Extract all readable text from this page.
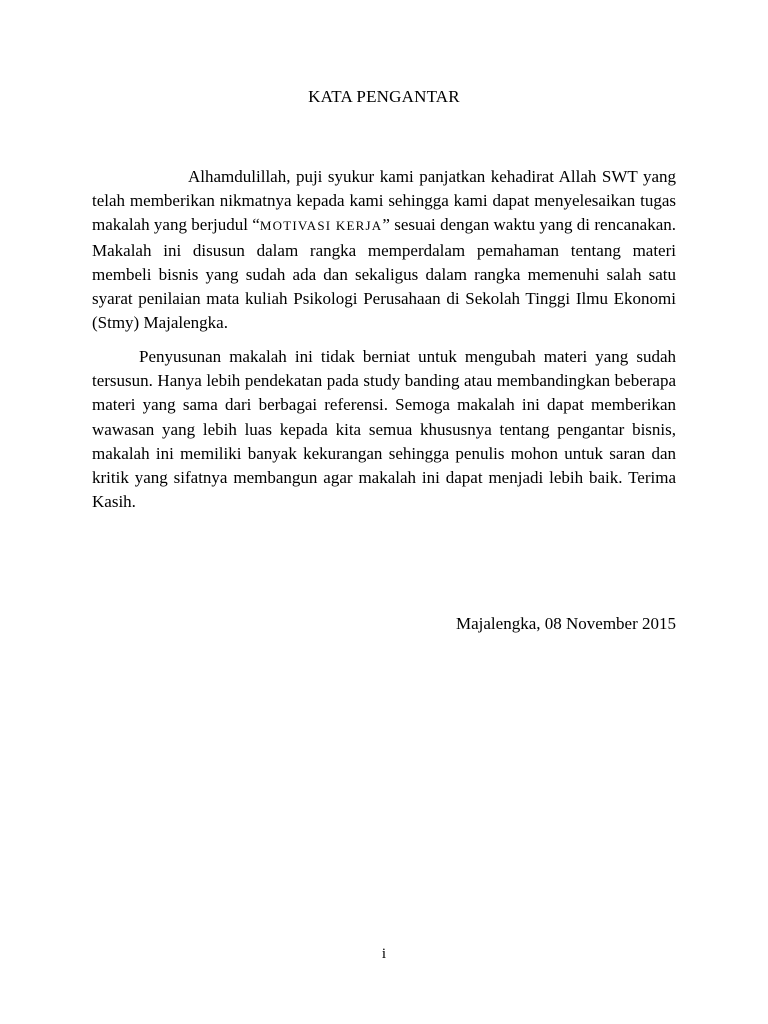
KATA PENGANTAR
Alhamdulillah, puji syukur kami panjatkan kehadirat Allah SWT yang telah memberikan nikmatnya kepada kami sehingga kami dapat menyelesaikan tugas makalah yang berjudul “MOTIVASI KERJA” sesuai dengan waktu yang di rencanakan. Makalah ini disusun dalam rangka memperdalam pemahaman tentang materi membeli bisnis yang sudah ada dan sekaligus dalam rangka memenuhi salah satu syarat penilaian mata kuliah Psikologi Perusahaan di Sekolah Tinggi Ilmu Ekonomi (Stmy) Majalengka.
Penyusunan makalah ini tidak berniat untuk mengubah materi yang sudah tersusun. Hanya lebih pendekatan pada study banding atau membandingkan beberapa materi yang sama dari berbagai referensi. Semoga makalah ini dapat memberikan wawasan yang lebih luas kepada kita semua khususnya tentang pengantar bisnis, makalah ini memiliki banyak kekurangan sehingga penulis mohon untuk saran dan kritik yang sifatnya membangun agar makalah ini dapat menjadi lebih baik. Terima Kasih.
Majalengka, 08 November 2015
i
